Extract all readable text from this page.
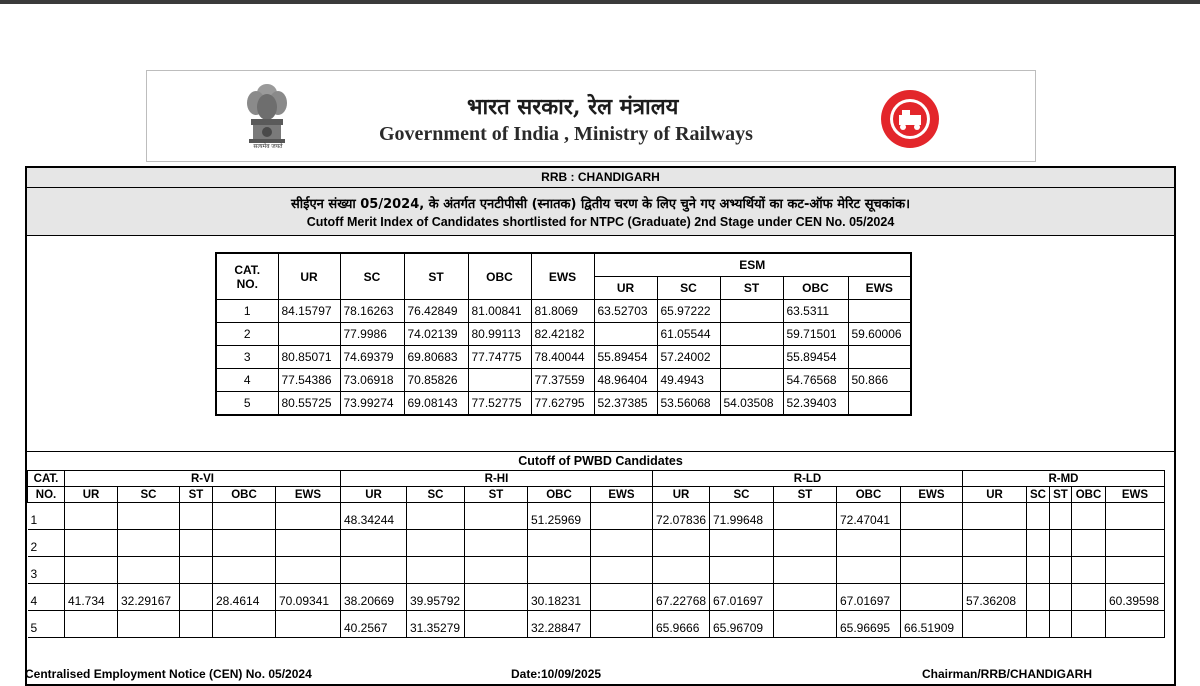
सत्यमेव जयते
भारत सरकार, रेल मंत्रालय
Government of India , Ministry of Railways
RRB : CHANDIGARH
सीईएन संख्या 05/2024, के अंतर्गत एनटीपीसी (स्नातक) द्वितीय चरण के लिए चुने गए अभ्यर्थियों का कट-ऑफ मेरिट सूचकांक।
Cutoff Merit Index of Candidates shortlisted for NTPC (Graduate) 2nd Stage under CEN No. 05/2024
CAT.
NO.	UR	SC	ST	OBC	EWS	ESM				
						UR	SC	ST	OBC	EWS
1	84.15797	78.16263	76.42849	81.00841	81.8069	63.52703	65.97222		63.5311	
2		77.9986	74.02139	80.99113	82.42182		61.05544		59.71501	59.60006
3	80.85071	74.69379	69.80683	77.74775	78.40044	55.89454	57.24002		55.89454	
4	77.54386	73.06918	70.85826		77.37559	48.96404	49.4943		54.76568	50.866
5	80.55725	73.99274	69.08143	77.52775	77.62795	52.37385	53.56068	54.03508	52.39403	
Cutoff of PWBD Candidates
CAT.	R-VI					R-HI					R-LD					R-MD				
NO.	UR	SC	ST	OBC	EWS	UR	SC	ST	OBC	EWS	UR	SC	ST	OBC	EWS	UR	SC	ST	OBC	EWS
1						48.34244			51.25969		72.07836	71.99648		72.47041						
2																				
3																				
4	41.734	32.29167		28.4614	70.09341	38.20669	39.95792		30.18231		67.22768	67.01697		67.01697		57.36208				60.39598
5						40.2567	31.35279		32.28847		65.9666	65.96709		65.96695	66.51909					
Centralised Employment Notice (CEN) No. 05/2024	Date:10/09/2025	Chairman/RRB/CHANDIGARH
